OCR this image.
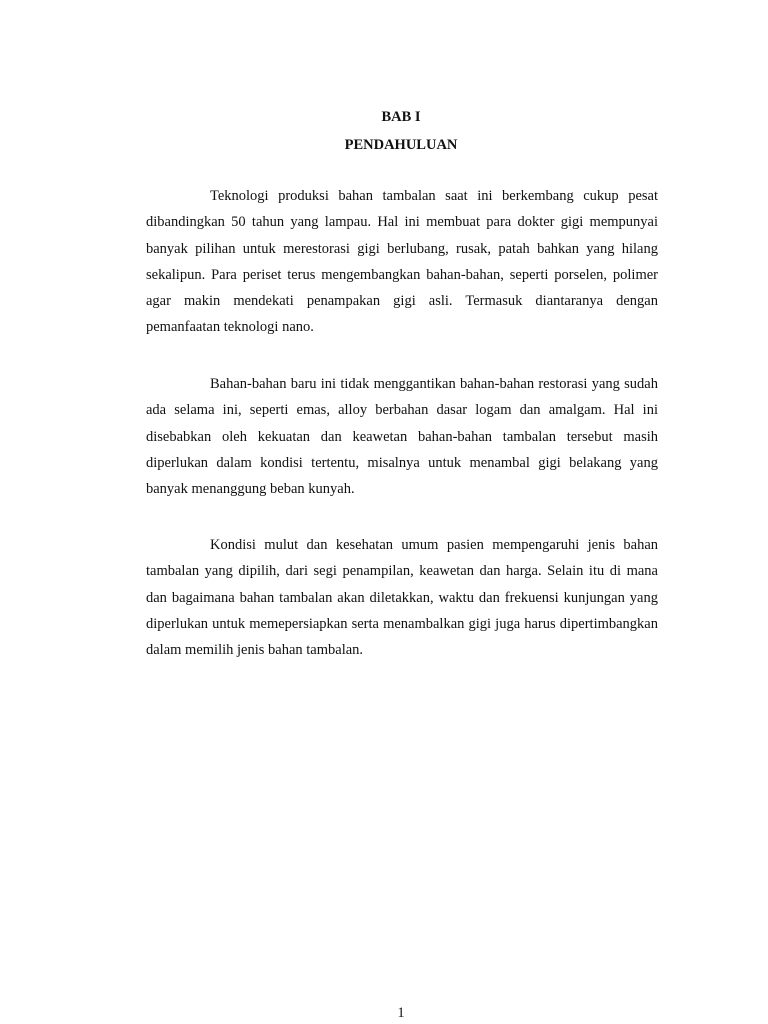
BAB I
PENDAHULUAN

Teknologi produksi bahan tambalan saat ini berkembang cukup pesat dibandingkan 50 tahun yang lampau. Hal ini membuat para dokter gigi mempunyai banyak pilihan untuk merestorasi gigi berlubang, rusak, patah bahkan yang hilang sekalipun. Para periset terus mengembangkan bahan-bahan, seperti porselen, polimer agar makin mendekati penampakan gigi asli. Termasuk diantaranya dengan pemanfaatan teknologi nano.

Bahan-bahan baru ini tidak menggantikan bahan-bahan restorasi yang sudah ada selama ini, seperti emas, alloy berbahan dasar logam dan amalgam. Hal ini disebabkan oleh kekuatan dan keawetan bahan-bahan tambalan tersebut masih diperlukan dalam kondisi tertentu, misalnya untuk menambal gigi belakang yang banyak menanggung beban kunyah.

Kondisi mulut dan kesehatan umum pasien mempengaruhi jenis bahan tambalan yang dipilih, dari segi penampilan, keawetan dan harga. Selain itu di mana dan bagaimana bahan tambalan akan diletakkan, waktu dan frekuensi kunjungan yang diperlukan untuk memepersiapkan serta menambalkan gigi juga harus dipertimbangkan dalam memilih jenis bahan tambalan.

1
